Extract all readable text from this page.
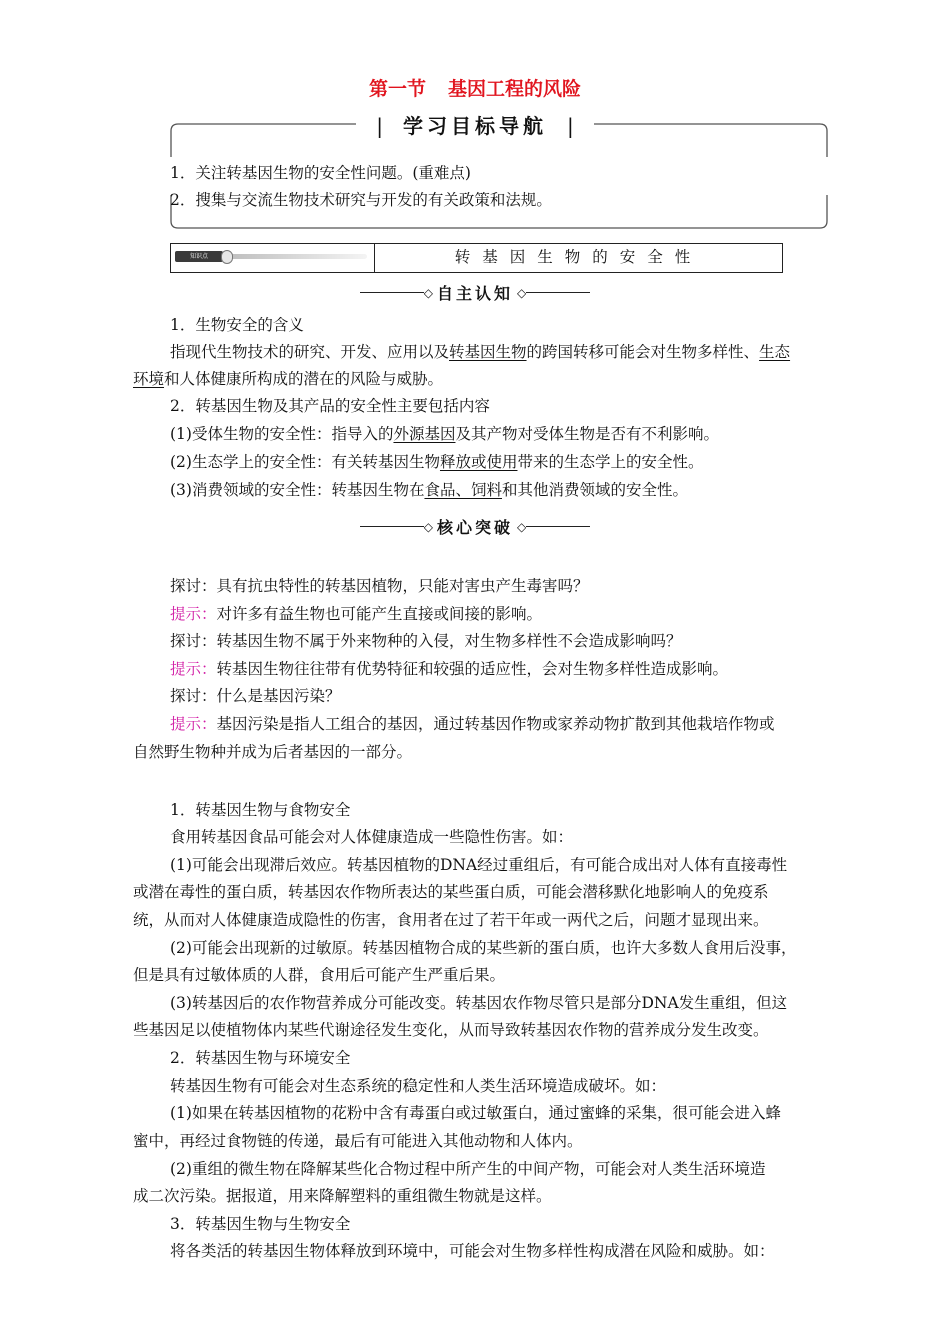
第一节 基因工程的风险
| 学习目标导航 |
1．关注转基因生物的安全性问题。(重难点)
2．搜集与交流生物技术研究与开发的有关政策和法规。
知识点	转基因生物的安全性
◇ 自主认知 ◇
1．生物安全的含义
指现代生物技术的研究、开发、应用以及转基因生物的跨国转移可能会对生物多样性、生态
环境和人体健康所构成的潜在的风险与威胁。
2．转基因生物及其产品的安全性主要包括内容
(1)受体生物的安全性：指导入的外源基因及其产物对受体生物是否有不利影响。
(2)生态学上的安全性：有关转基因生物释放或使用带来的生态学上的安全性。
(3)消费领域的安全性：转基因生物在食品、饲料和其他消费领域的安全性。
◇ 核心突破 ◇
探讨：具有抗虫特性的转基因植物，只能对害虫产生毒害吗？
提示：对许多有益生物也可能产生直接或间接的影响。
探讨：转基因生物不属于外来物种的入侵，对生物多样性不会造成影响吗？
提示：转基因生物往往带有优势特征和较强的适应性，会对生物多样性造成影响。
探讨：什么是基因污染？
提示：基因污染是指人工组合的基因，通过转基因作物或家养动物扩散到其他栽培作物或
自然野生物种并成为后者基因的一部分。
1．转基因生物与食物安全
食用转基因食品可能会对人体健康造成一些隐性伤害。如：
(1)可能会出现滞后效应。转基因植物的DNA经过重组后，有可能合成出对人体有直接毒性
或潜在毒性的蛋白质，转基因农作物所表达的某些蛋白质，可能会潜移默化地影响人的免疫系
统，从而对人体健康造成隐性的伤害，食用者在过了若干年或一两代之后，问题才显现出来。
(2)可能会出现新的过敏原。转基因植物合成的某些新的蛋白质，也许大多数人食用后没事，
但是具有过敏体质的人群，食用后可能产生严重后果。
(3)转基因后的农作物营养成分可能改变。转基因农作物尽管只是部分DNA发生重组，但这
些基因足以使植物体内某些代谢途径发生变化，从而导致转基因农作物的营养成分发生改变。
2．转基因生物与环境安全
转基因生物有可能会对生态系统的稳定性和人类生活环境造成破坏。如：
(1)如果在转基因植物的花粉中含有毒蛋白或过敏蛋白，通过蜜蜂的采集，很可能会进入蜂
蜜中，再经过食物链的传递，最后有可能进入其他动物和人体内。
(2)重组的微生物在降解某些化合物过程中所产生的中间产物，可能会对人类生活环境造
成二次污染。据报道，用来降解塑料的重组微生物就是这样。
3．转基因生物与生物安全
将各类活的转基因生物体释放到环境中，可能会对生物多样性构成潜在风险和威胁。如：
